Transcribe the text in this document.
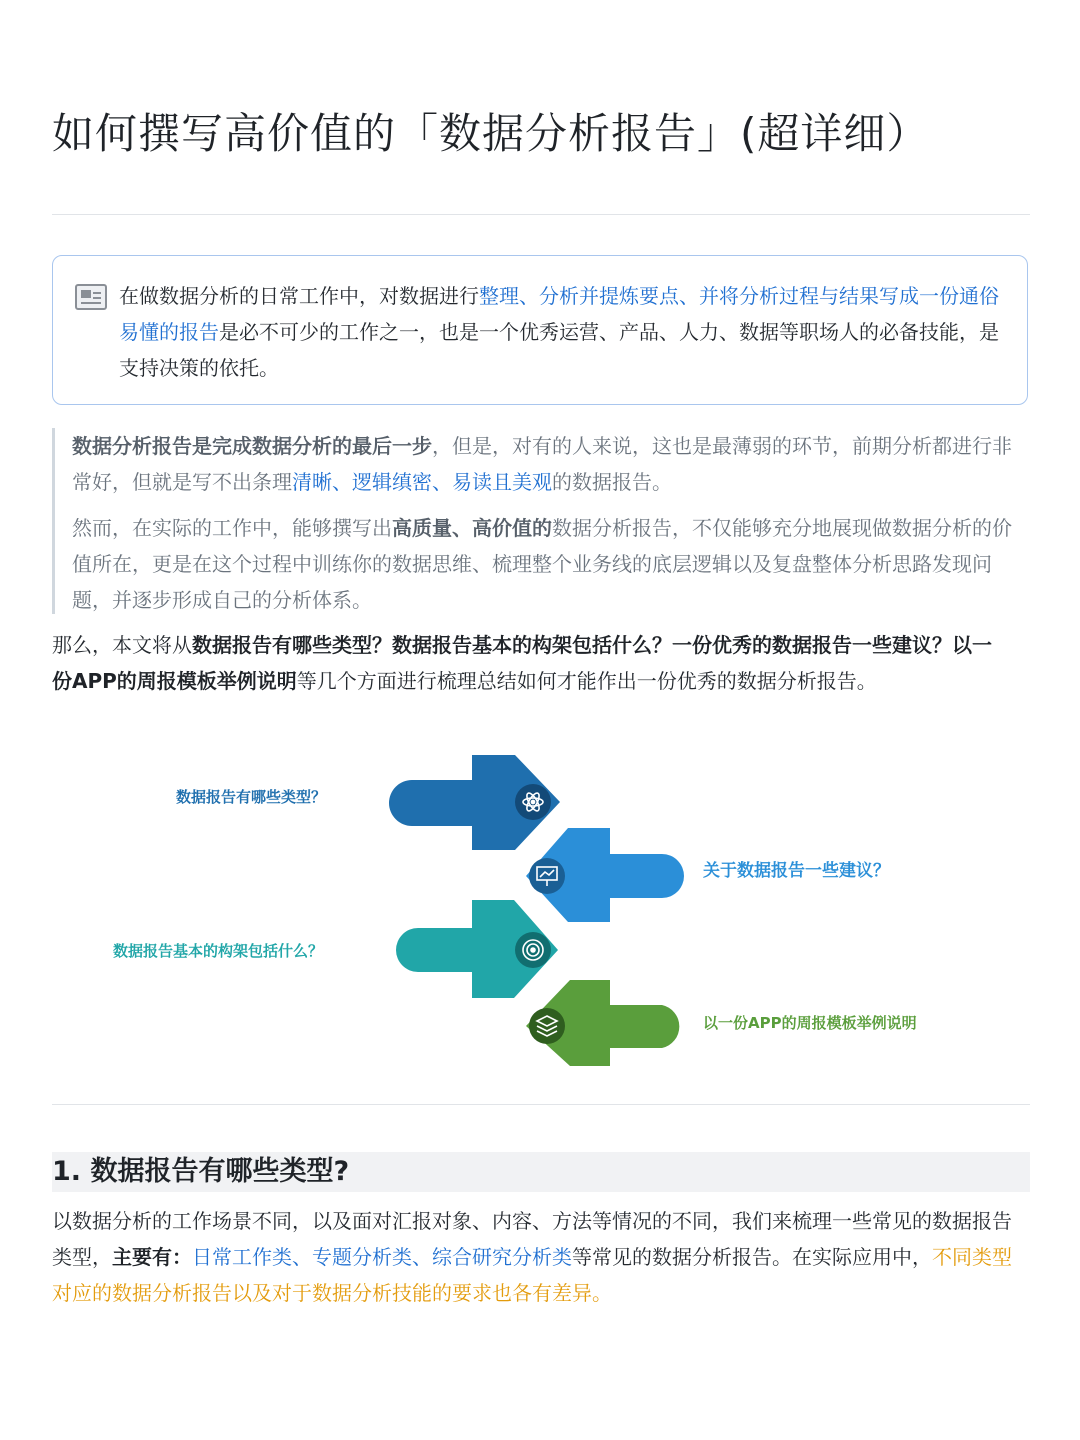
如何撰写高价值的「数据分析报告」(超详细）

在做数据分析的日常工作中，对数据进行整理、分析并提炼要点、并将分析过程与结果写成一份通俗易懂的报告是必不可少的工作之一，也是一个优秀运营、产品、人力、数据等职场人的必备技能，是支持决策的依托。

数据分析报告是完成数据分析的最后一步，但是，对有的人来说，这也是最薄弱的环节，前期分析都进行非常好，但就是写不出条理清晰、逻辑缜密、易读且美观的数据报告。

然而，在实际的工作中，能够撰写出高质量、高价值的数据分析报告，不仅能够充分地展现做数据分析的价值所在，更是在这个过程中训练你的数据思维、梳理整个业务线的底层逻辑以及复盘整体分析思路发现问题，并逐步形成自己的分析体系。

那么，本文将从数据报告有哪些类型？数据报告基本的构架包括什么？一份优秀的数据报告一些建议？以一份APP的周报模板举例说明等几个方面进行梳理总结如何才能作出一份优秀的数据分析报告。

数据报告有哪些类型？
关于数据报告一些建议？
数据报告基本的构架包括什么？
以一份APP的周报模板举例说明
1. 数据报告有哪些类型?

以数据分析的工作场景不同，以及面对汇报对象、内容、方法等情况的不同，我们来梳理一些常见的数据报告类型，主要有：日常工作类、专题分析类、综合研究分析类等常见的数据分析报告。在实际应用中，不同类型对应的数据分析报告以及对于数据分析技能的要求也各有差异。
